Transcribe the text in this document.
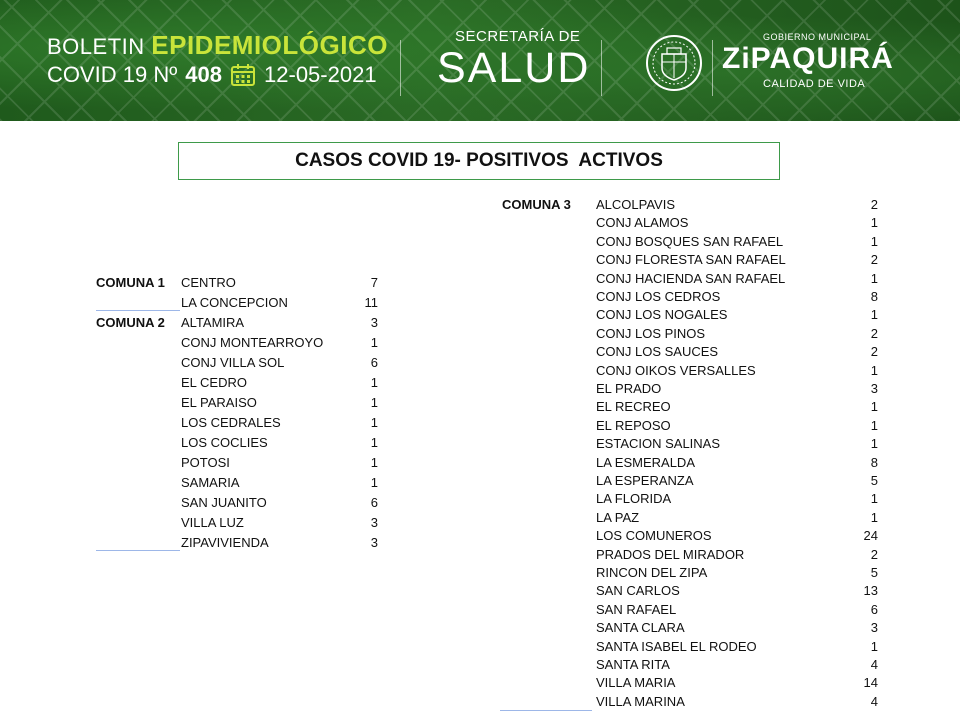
BOLETIN EPIDEMIOLÓGICO
COVID 19 Nº 408 12-05-2021
SECRETARÍA DE
SALUD
GOBIERNO MUNICIPAL
ZiPAQUIRÁ
CALIDAD DE VIDA
CASOS COVID 19- POSITIVOS  ACTIVOS
COMUNA 1 CENTRO	7
LA CONCEPCION	11
COMUNA 2 ALTAMIRA	3
CONJ MONTEARROYO	1
CONJ VILLA SOL	6
EL CEDRO	1
EL PARAISO	1
LOS CEDRALES	1
LOS COCLIES	1
POTOSI	1
SAMARIA	1
SAN JUANITO	6
VILLA LUZ	3
ZIPAVIVIENDA	3
COMUNA 3 ALCOLPAVIS	2
CONJ ALAMOS	1
CONJ BOSQUES SAN RAFAEL	1
CONJ FLORESTA SAN RAFAEL	2
CONJ HACIENDA SAN RAFAEL	1
CONJ LOS CEDROS	8
CONJ LOS NOGALES	1
CONJ LOS PINOS	2
CONJ LOS SAUCES	2
CONJ OIKOS VERSALLES	1
EL PRADO	3
EL RECREO	1
EL REPOSO	1
ESTACION SALINAS	1
LA ESMERALDA	8
LA ESPERANZA	5
LA FLORIDA	1
LA PAZ	1
LOS COMUNEROS	24
PRADOS DEL MIRADOR	2
RINCON DEL ZIPA	5
SAN CARLOS	13
SAN RAFAEL	6
SANTA CLARA	3
SANTA ISABEL EL RODEO	1
SANTA RITA	4
VILLA MARIA	14
VILLA MARINA	4
